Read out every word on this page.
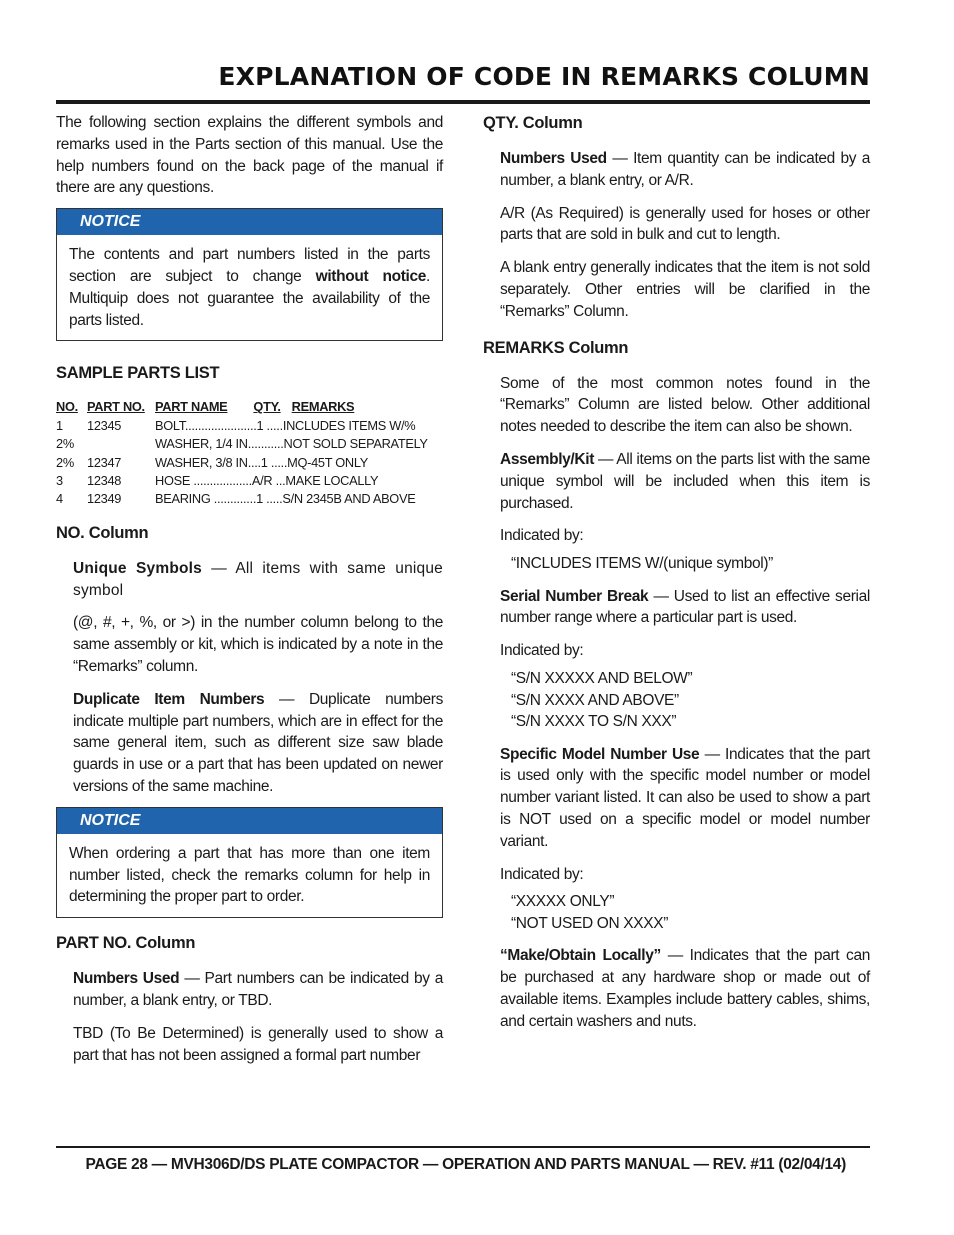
EXPLANATION OF CODE IN REMARKS COLUMN

The following section explains the different symbols and remarks used in the Parts section of this manual. Use the help numbers found on the back page of the manual if there are any questions.

NOTICE

The contents and part numbers listed in the parts section are subject to change without notice. Multiquip does not guarantee the availability of the parts listed.

SAMPLE PARTS LIST
NO.	PART NO.	PART NAME QTY. REMARKS
1	12345	BOLT......................1 .....INCLUDES ITEMS W/%
2%		WASHER, 1/4 IN...........NOT SOLD SEPARATELY
2%	12347	WASHER, 3/8 IN....1 .....MQ-45T ONLY
3	12348	HOSE ..................A/R ...MAKE LOCALLY
4	12349	BEARING .............1 .....S/N 2345B AND ABOVE
NO. Column

Unique Symbols — All items with same unique symbol

(@, #, +, %, or >) in the number column belong to the same assembly or kit, which is indicated by a note in the “Remarks” column.

Duplicate Item Numbers — Duplicate numbers indicate multiple part numbers, which are in effect for the same general item, such as different size saw blade guards in use or a part that has been updated on newer versions of the same machine.

NOTICE

When ordering a part that has more than one item number listed, check the remarks column for help in determining the proper part to order.

PART NO. Column

Numbers Used — Part numbers can be indicated by a number, a blank entry, or TBD.

TBD (To Be Determined) is generally used to show a part that has not been assigned a formal part number

QTY. Column

Numbers Used — Item quantity can be indicated by a number, a blank entry, or A/R.

A/R (As Required) is generally used for hoses or other parts that are sold in bulk and cut to length.

A blank entry generally indicates that the item is not sold separately. Other entries will be clarified in the “Remarks” Column.

REMARKS Column

Some of the most common notes found in the “Remarks” Column are listed below. Other additional notes needed to describe the item can also be shown.

Assembly/Kit — All items on the parts list with the same unique symbol will be included when this item is purchased.

Indicated by:

“INCLUDES ITEMS W/(unique symbol)”

Serial Number Break — Used to list an effective serial number range where a particular part is used.

Indicated by:

“S/N XXXXX AND BELOW”
“S/N XXXX AND ABOVE”
“S/N XXXX TO S/N XXX”

Specific Model Number Use — Indicates that the part is used only with the specific model number or model number variant listed. It can also be used to show a part is NOT used on a specific model or model number variant.

Indicated by:

“XXXXX ONLY”
“NOT USED ON XXXX”

“Make/Obtain Locally” — Indicates that the part can be purchased at any hardware shop or made out of available items. Examples include battery cables, shims, and certain washers and nuts.

PAGE 28 — MVH306D/DS PLATE COMPACTOR — OPERATION AND PARTS MANUAL — REV. #11 (02/04/14)
